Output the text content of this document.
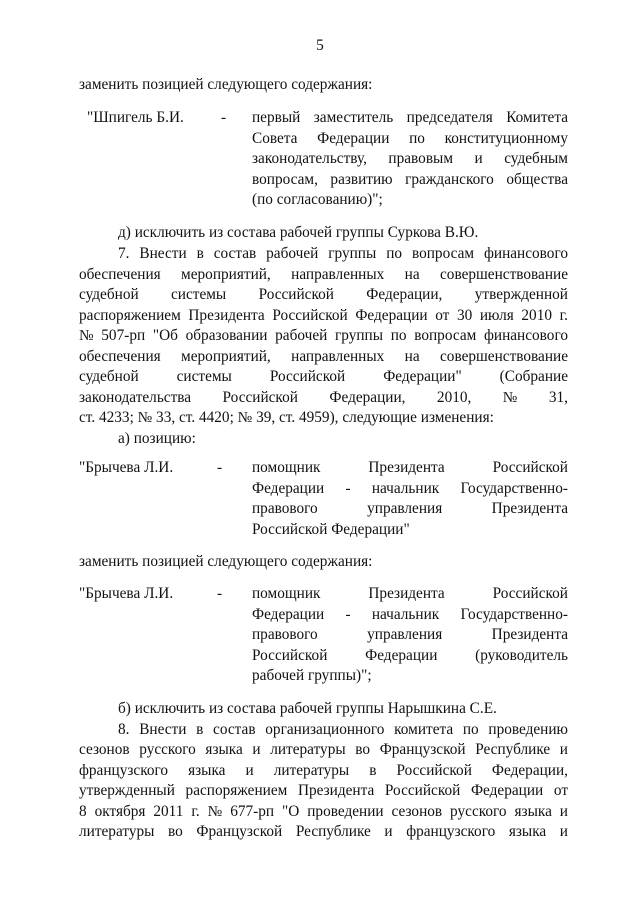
5
заменить позицией следующего содержания:
"Шпигель Б.И. - первый заместитель председателя Комитета
Совета Федерации по конституционному
законодательству, правовым и судебным
вопросам, развитию гражданского общества
(по согласованию)";
д) исключить из состава рабочей группы Суркова В.Ю.
7. Внести в состав рабочей группы по вопросам финансового
обеспечения мероприятий, направленных на совершенствование
судебной системы Российской Федерации, утвержденной
распоряжением Президента Российской Федерации от 30 июля 2010 г.
№ 507-рп "Об образовании рабочей группы по вопросам финансового
обеспечения мероприятий, направленных на совершенствование
судебной системы Российской Федерации" (Собрание
законодательства Российской Федерации, 2010, № 31,
ст. 4233; № 33, ст. 4420; № 39, ст. 4959), следующие изменения:
а) позицию:
"Брычева Л.И.	- помощник Президента Российской
Федерации - начальник Государственно-
правового управления Президента
Российской Федерации"
заменить позицией следующего содержания:
"Брычева Л.И.	- помощник Президента Российской
Федерации - начальник Государственно-
правового управления Президента
Российской Федерации (руководитель
рабочей группы)";
б) исключить из состава рабочей группы Нарышкина С.Е.
8. Внести в состав организационного комитета по проведению
сезонов русского языка и литературы во Французской Республике и
французского языка и литературы в Российской Федерации,
утвержденный распоряжением Президента Российской Федерации от
8 октября 2011 г. № 677-рп "О проведении сезонов русского языка и
литературы во Французской Республике и французского языка и
